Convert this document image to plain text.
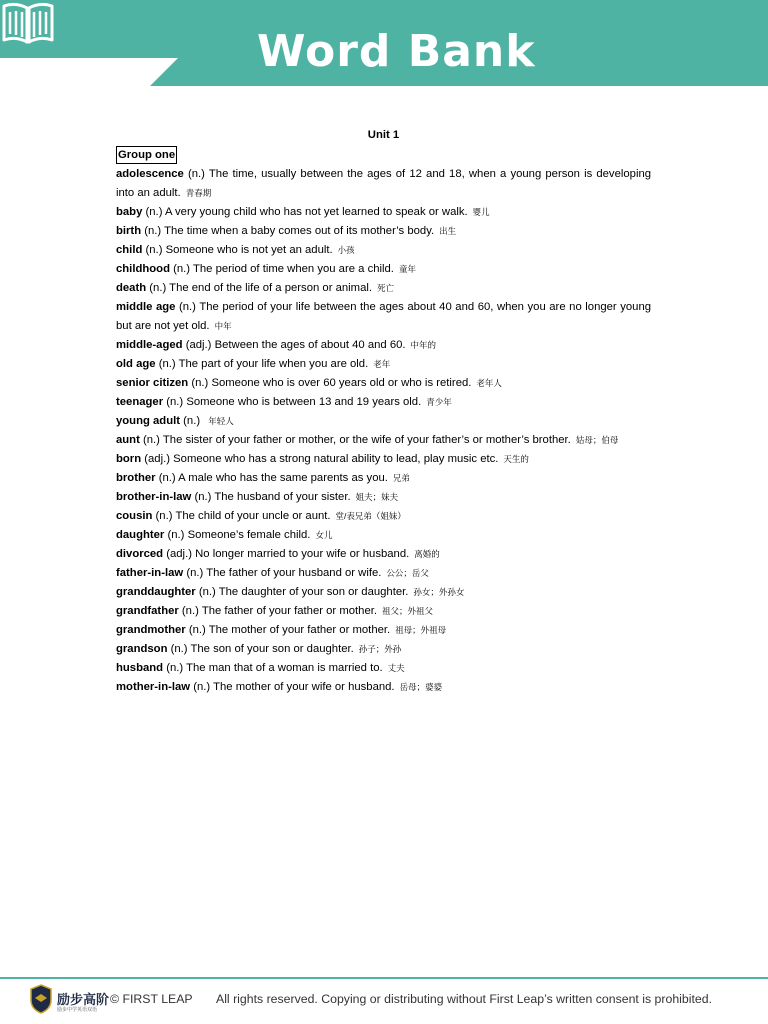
Word Bank
Unit 1
Group one

adolescence (n.) The time, usually between the ages of 12 and 18, when a young person is developing into an adult. 青春期

baby (n.) A very young child who has not yet learned to speak or walk. 婴儿

birth (n.) The time when a baby comes out of its mother’s body. 出生

child (n.) Someone who is not yet an adult. 小孩

childhood (n.) The period of time when you are a child. 童年

death (n.) The end of the life of a person or animal. 死亡

middle age (n.) The period of your life between the ages about 40 and 60, when you are no longer young but are not yet old. 中年

middle-aged (adj.) Between the ages of about 40 and 60. 中年的

old age (n.) The part of your life when you are old. 老年

senior citizen (n.) Someone who is over 60 years old or who is retired. 老年人

teenager (n.) Someone who is between 13 and 19 years old. 青少年

young adult (n.) 年轻人

aunt (n.) The sister of your father or mother, or the wife of your father’s or mother’s brother. 姑母；伯母

born (adj.) Someone who has a strong natural ability to lead, play music etc. 天生的

brother (n.) A male who has the same parents as you. 兄弟

brother-in-law (n.) The husband of your sister. 姐夫；妹夫

cousin (n.) The child of your uncle or aunt. 堂/表兄弟（姐妹）

daughter (n.) Someone’s female child. 女儿

divorced (adj.) No longer married to your wife or husband. 离婚的

father-in-law (n.) The father of your husband or wife. 公公；岳父

granddaughter (n.) The daughter of your son or daughter. 孙女；外孙女

grandfather (n.) The father of your father or mother. 祖父；外祖父

grandmother (n.) The mother of your father or mother. 祖母；外祖母

grandson (n.) The son of your son or daughter. 孙子；外孙

husband (n.) The man that of a woman is married to. 丈夫

mother-in-law (n.) The mother of your wife or husband. 岳母；婆婆

励步高阶
励步中学英语双语
© FIRST LEAP All rights reserved. Copying or distributing without First Leap’s written consent is prohibited.
